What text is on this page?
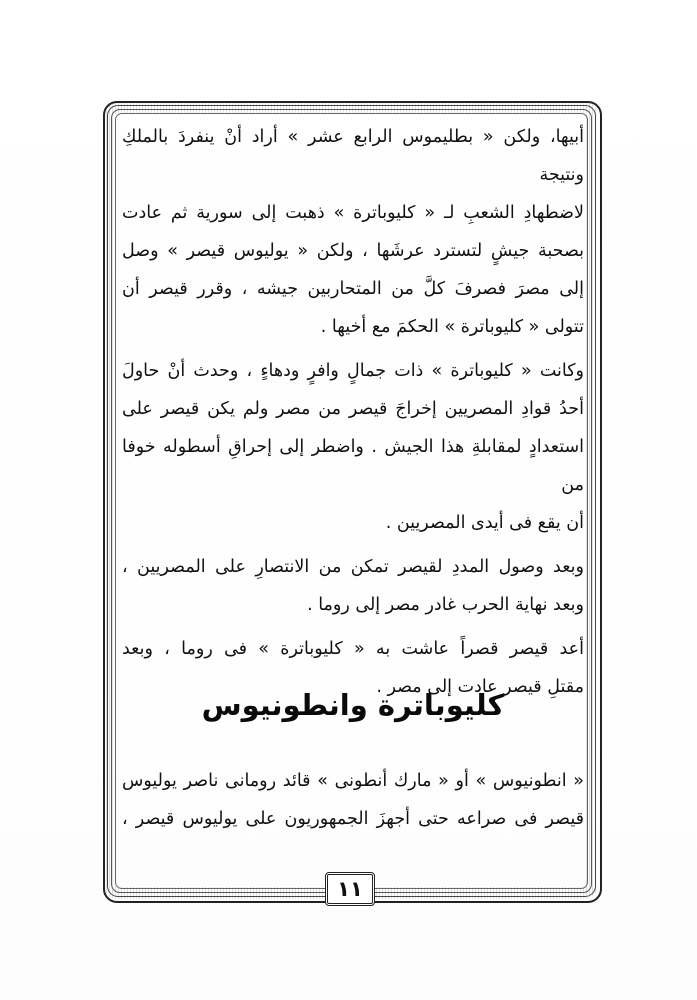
أبيها، ولكن « بطليموس الرابع عشر » أراد أنْ ينفردَ بالملكِ ونتيجة
لاضطهادِ الشعبِ لـ « كليوباترة » ذهبت إلى سورية ثم عادت
بصحبة جيشٍ لتسترد عرشَها ، ولكن « يوليوس قيصر » وصل
إلى مصرَ فصرفَ كلَّ من المتحاربين جيشه ، وقرر قيصر أن
تتولى « كليوباترة » الحكمَ مع أخيها .

وكانت « كليوباترة » ذات جمالٍ وافرٍ ودهاءٍ ، وحدث أنْ حاولَ
أحدُ قوادِ المصريين إخراجَ قيصر من مصر ولم يكن قيصر على
استعدادٍ لمقابلةِ هذا الجيش . واضطر إلى إحراقِ أسطوله خوفا من
أن يقع فى أيدى المصريين .

وبعد وصول المددِ لقيصر تمكن من الانتصارِ على المصريين ،
وبعد نهاية الحرب غادر مصر إلى روما .

أعد قيصر قصراً عاشت به « كليوباترة » فى روما ، وبعد
مقتلِ قيصر عادت إلى مصر .

كليوباترة وانطونيوس
« انطونيوس » أو « مارك أنطونى » قائد رومانى ناصر يوليوس
قيصر فى صراعه حتى أجهزَ الجمهوريون على يوليوس قيصر ،
١١
